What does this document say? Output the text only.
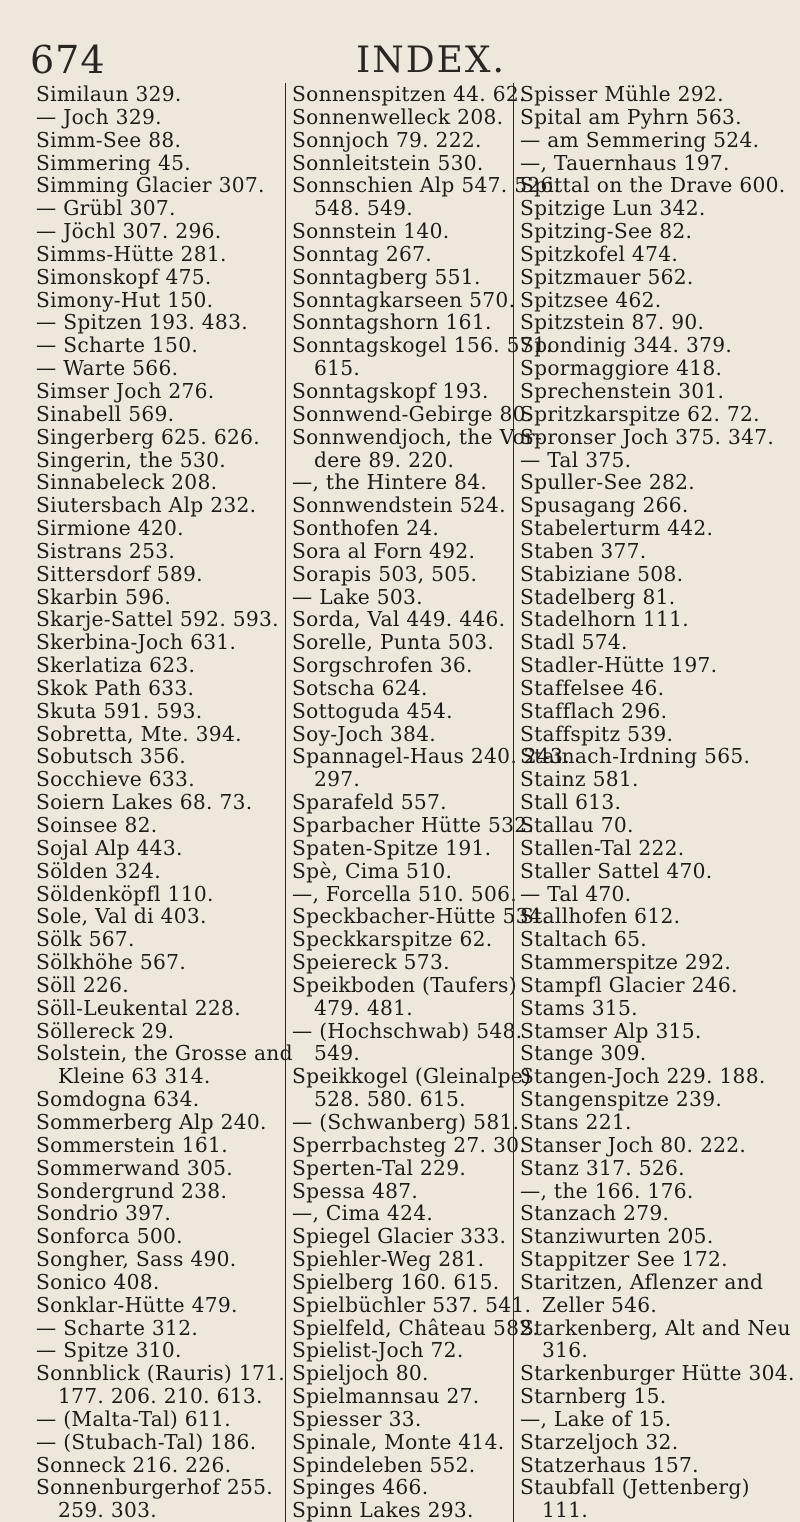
674	INDEX.
Similaun 329.
— Joch 329.
Simm-See 88.
Simmering 45.
Simming Glacier 307.
— Grübl 307.
— Jöchl 307. 296.
Simms-Hütte 281.
Simonskopf 475.
Simony-Hut 150.
— Spitzen 193. 483.
— Scharte 150.
— Warte 566.
Simser Joch 276.
Sinabell 569.
Singerberg 625. 626.
Singerin, the 530.
Sinnabeleck 208.
Siutersbach Alp 232.
Sirmione 420.
Sistrans 253.
Sittersdorf 589.
Skarbin 596.
Skarje-Sattel 592. 593.
Skerbina-Joch 631.
Skerlatiza 623.
Skok Path 633.
Skuta 591. 593.
Sobretta, Mte. 394.
Sobutsch 356.
Socchieve 633.
Soiern Lakes 68. 73.
Soinsee 82.
Sojal Alp 443.
Sölden 324.
Söldenköpfl 110.
Sole, Val di 403.
Sölk 567.
Sölkhöhe 567.
Söll 226.
Söll-Leukental 228.
Söllereck 29.
Solstein, the Grosse and
Kleine 63 314.
Somdogna 634.
Sommerberg Alp 240.
Sommerstein 161.
Sommerwand 305.
Sondergrund 238.
Sondrio 397.
Sonforca 500.
Songher, Sass 490.
Sonico 408.
Sonklar-Hütte 479.
— Scharte 312.
— Spitze 310.
Sonnblick (Rauris) 171.
177. 206. 210. 613.
— (Malta-Tal) 611.
— (Stubach-Tal) 186.
Sonneck 216. 226.
Sonnenburgerhof 255.
259. 303.
Sonnenspitzen 44. 62.
Sonnenwelleck 208.
Sonnjoch 79. 222.
Sonnleitstein 530.
Sonnschien Alp 547. 526.
548. 549.
Sonnstein 140.
Sonntag 267.
Sonntagberg 551.
Sonntagkarseen 570.
Sonntagshorn 161.
Sonntagskogel 156. 571.
615.
Sonntagskopf 193.
Sonnwend-Gebirge 80.
Sonnwendjoch, the Vor-
dere 89. 220.
—, the Hintere 84.
Sonnwendstein 524.
Sonthofen 24.
Sora al Forn 492.
Sorapis 503, 505.
— Lake 503.
Sorda, Val 449. 446.
Sorelle, Punta 503.
Sorgschrofen 36.
Sotscha 624.
Sottoguda 454.
Soy-Joch 384.
Spannagel-Haus 240. 243.
297.
Sparafeld 557.
Sparbacher Hütte 532.
Spaten-Spitze 191.
Spè, Cima 510.
—, Forcella 510. 506.
Speckbacher-Hütte 534.
Speckkarspitze 62.
Speiereck 573.
Speikboden (Taufers)
479. 481.
— (Hochschwab) 548.
549.
Speikkogel (Gleinalpe)
528. 580. 615.
— (Schwanberg) 581.
Sperrbachsteg 27. 30.
Sperten-Tal 229.
Spessa 487.
—, Cima 424.
Spiegel Glacier 333.
Spiehler-Weg 281.
Spielberg 160. 615.
Spielbüchler 537. 541.
Spielfeld, Château 582.
Spielist-Joch 72.
Spieljoch 80.
Spielmannsau 27.
Spiesser 33.
Spinale, Monte 414.
Spindeleben 552.
Spinges 466.
Spinn Lakes 293.
Spisser Mühle 292.
Spital am Pyhrn 563.
— am Semmering 524.
—, Tauernhaus 197.
Spittal on the Drave 600.
Spitzige Lun 342.
Spitzing-See 82.
Spitzkofel 474.
Spitzmauer 562.
Spitzsee 462.
Spitzstein 87. 90.
Spondinig 344. 379.
Spormaggiore 418.
Sprechenstein 301.
Spritzkarspitze 62. 72.
Spronser Joch 375. 347.
— Tal 375.
Spuller-See 282.
Spusagang 266.
Stabelerturm 442.
Staben 377.
Stabiziane 508.
Stadelberg 81.
Stadelhorn 111.
Stadl 574.
Stadler-Hütte 197.
Staffelsee 46.
Stafflach 296.
Staffspitz 539.
Stainach-Irdning 565.
Stainz 581.
Stall 613.
Stallau 70.
Stallen-Tal 222.
Staller Sattel 470.
— Tal 470.
Stallhofen 612.
Staltach 65.
Stammerspitze 292.
Stampfl Glacier 246.
Stams 315.
Stamser Alp 315.
Stange 309.
Stangen-Joch 229. 188.
Stangenspitze 239.
Stans 221.
Stanser Joch 80. 222.
Stanz 317. 526.
—, the 166. 176.
Stanzach 279.
Stanziwurten 205.
Stappitzer See 172.
Staritzen, Aflenzer and
Zeller 546.
Starkenberg, Alt and Neu
316.
Starkenburger Hütte 304.
Starnberg 15.
—, Lake of 15.
Starzeljoch 32.
Statzerhaus 157.
Staubfall (Jettenberg)
111.
